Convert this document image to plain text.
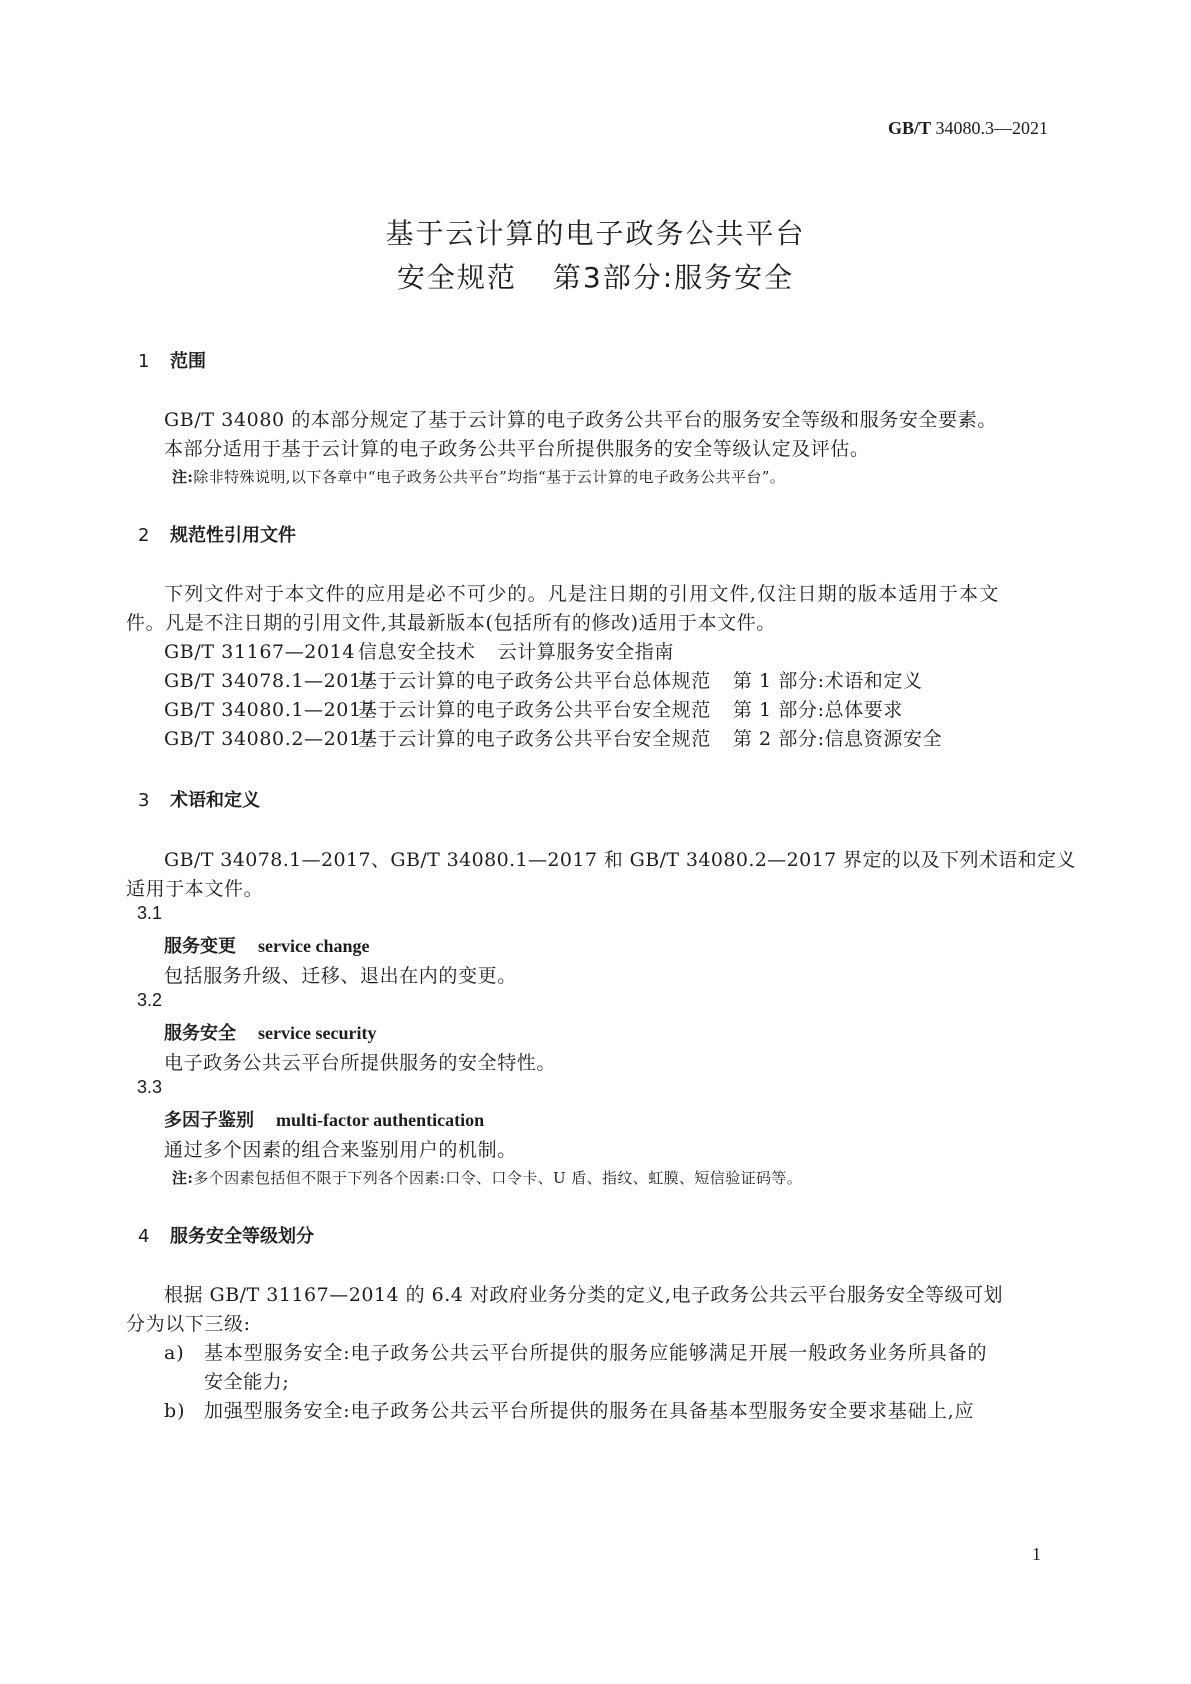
GB/T 34080.3—2021
基于云计算的电子政务公共平台
安全规范 第3部分:服务安全
1 范围
GB/T 34080 的本部分规定了基于云计算的电子政务公共平台的服务安全等级和服务安全要素。
本部分适用于基于云计算的电子政务公共平台所提供服务的安全等级认定及评估。
注:除非特殊说明,以下各章中“电子政务公共平台”均指“基于云计算的电子政务公共平台”。
2 规范性引用文件
下列文件对于本文件的应用是必不可少的。凡是注日期的引用文件,仅注日期的版本适用于本文
件。凡是不注日期的引用文件,其最新版本(包括所有的修改)适用于本文件。
GB/T 31167—2014 信息安全技术 云计算服务安全指南
GB/T 34078.1—2017基于云计算的电子政务公共平台总体规范 第 1 部分:术语和定义
GB/T 34080.1—2017基于云计算的电子政务公共平台安全规范 第 1 部分:总体要求
GB/T 34080.2—2017基于云计算的电子政务公共平台安全规范 第 2 部分:信息资源安全
3 术语和定义
GB/T 34078.1—2017、GB/T 34080.1—2017 和 GB/T 34080.2—2017 界定的以及下列术语和定义
适用于本文件。
3.1
服务变更 service change
包括服务升级、迁移、退出在内的变更。
3.2
服务安全 service security
电子政务公共云平台所提供服务的安全特性。
3.3
多因子鉴别 multi-factor authentication
通过多个因素的组合来鉴别用户的机制。
注:多个因素包括但不限于下列各个因素:口令、口令卡、U 盾、指纹、虹膜、短信验证码等。
4 服务安全等级划分
根据 GB/T 31167—2014 的 6.4 对政府业务分类的定义,电子政务公共云平台服务安全等级可划
分为以下三级:
a) 基本型服务安全:电子政务公共云平台所提供的服务应能够满足开展一般政务业务所具备的
安全能力;
b) 加强型服务安全:电子政务公共云平台所提供的服务在具备基本型服务安全要求基础上,应
1
